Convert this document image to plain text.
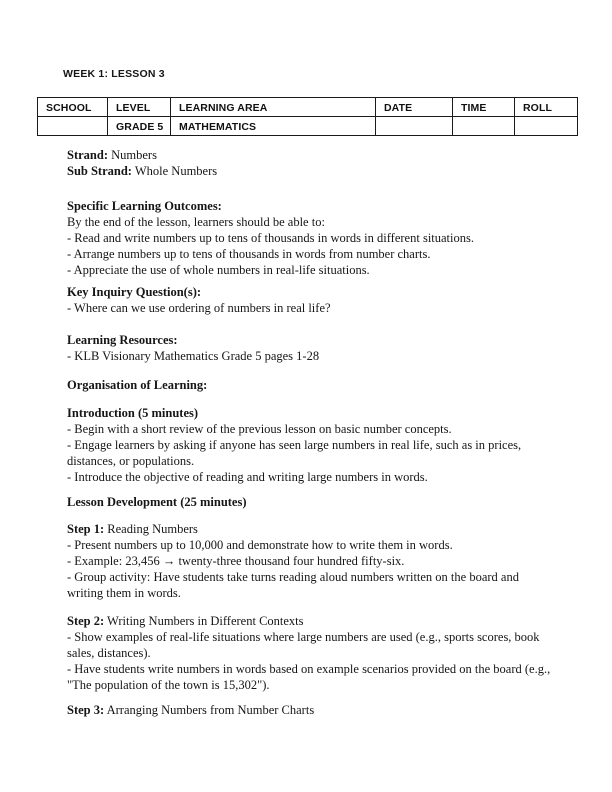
WEEK 1: LESSON 3
SCHOOL	LEVEL	LEARNING AREA	DATE	TIME	ROLL
	GRADE 5	MATHEMATICS			
Strand: Numbers
Sub Strand: Whole Numbers
Specific Learning Outcomes:
By the end of the lesson, learners should be able to:
- Read and write numbers up to tens of thousands in words in different situations.
- Arrange numbers up to tens of thousands in words from number charts.
- Appreciate the use of whole numbers in real-life situations.
Key Inquiry Question(s):
- Where can we use ordering of numbers in real life?
Learning Resources:
- KLB Visionary Mathematics Grade 5 pages 1-28
Organisation of Learning:
Introduction (5 minutes)
- Begin with a short review of the previous lesson on basic number concepts.
- Engage learners by asking if anyone has seen large numbers in real life, such as in prices,
distances, or populations.
- Introduce the objective of reading and writing large numbers in words.
Lesson Development (25 minutes)
Step 1: Reading Numbers
- Present numbers up to 10,000 and demonstrate how to write them in words.
- Example: 23,456 → twenty-three thousand four hundred fifty-six.
- Group activity: Have students take turns reading aloud numbers written on the board and
writing them in words.
Step 2: Writing Numbers in Different Contexts
- Show examples of real-life situations where large numbers are used (e.g., sports scores, book
sales, distances).
- Have students write numbers in words based on example scenarios provided on the board (e.g.,
"The population of the town is 15,302").
Step 3: Arranging Numbers from Number Charts
